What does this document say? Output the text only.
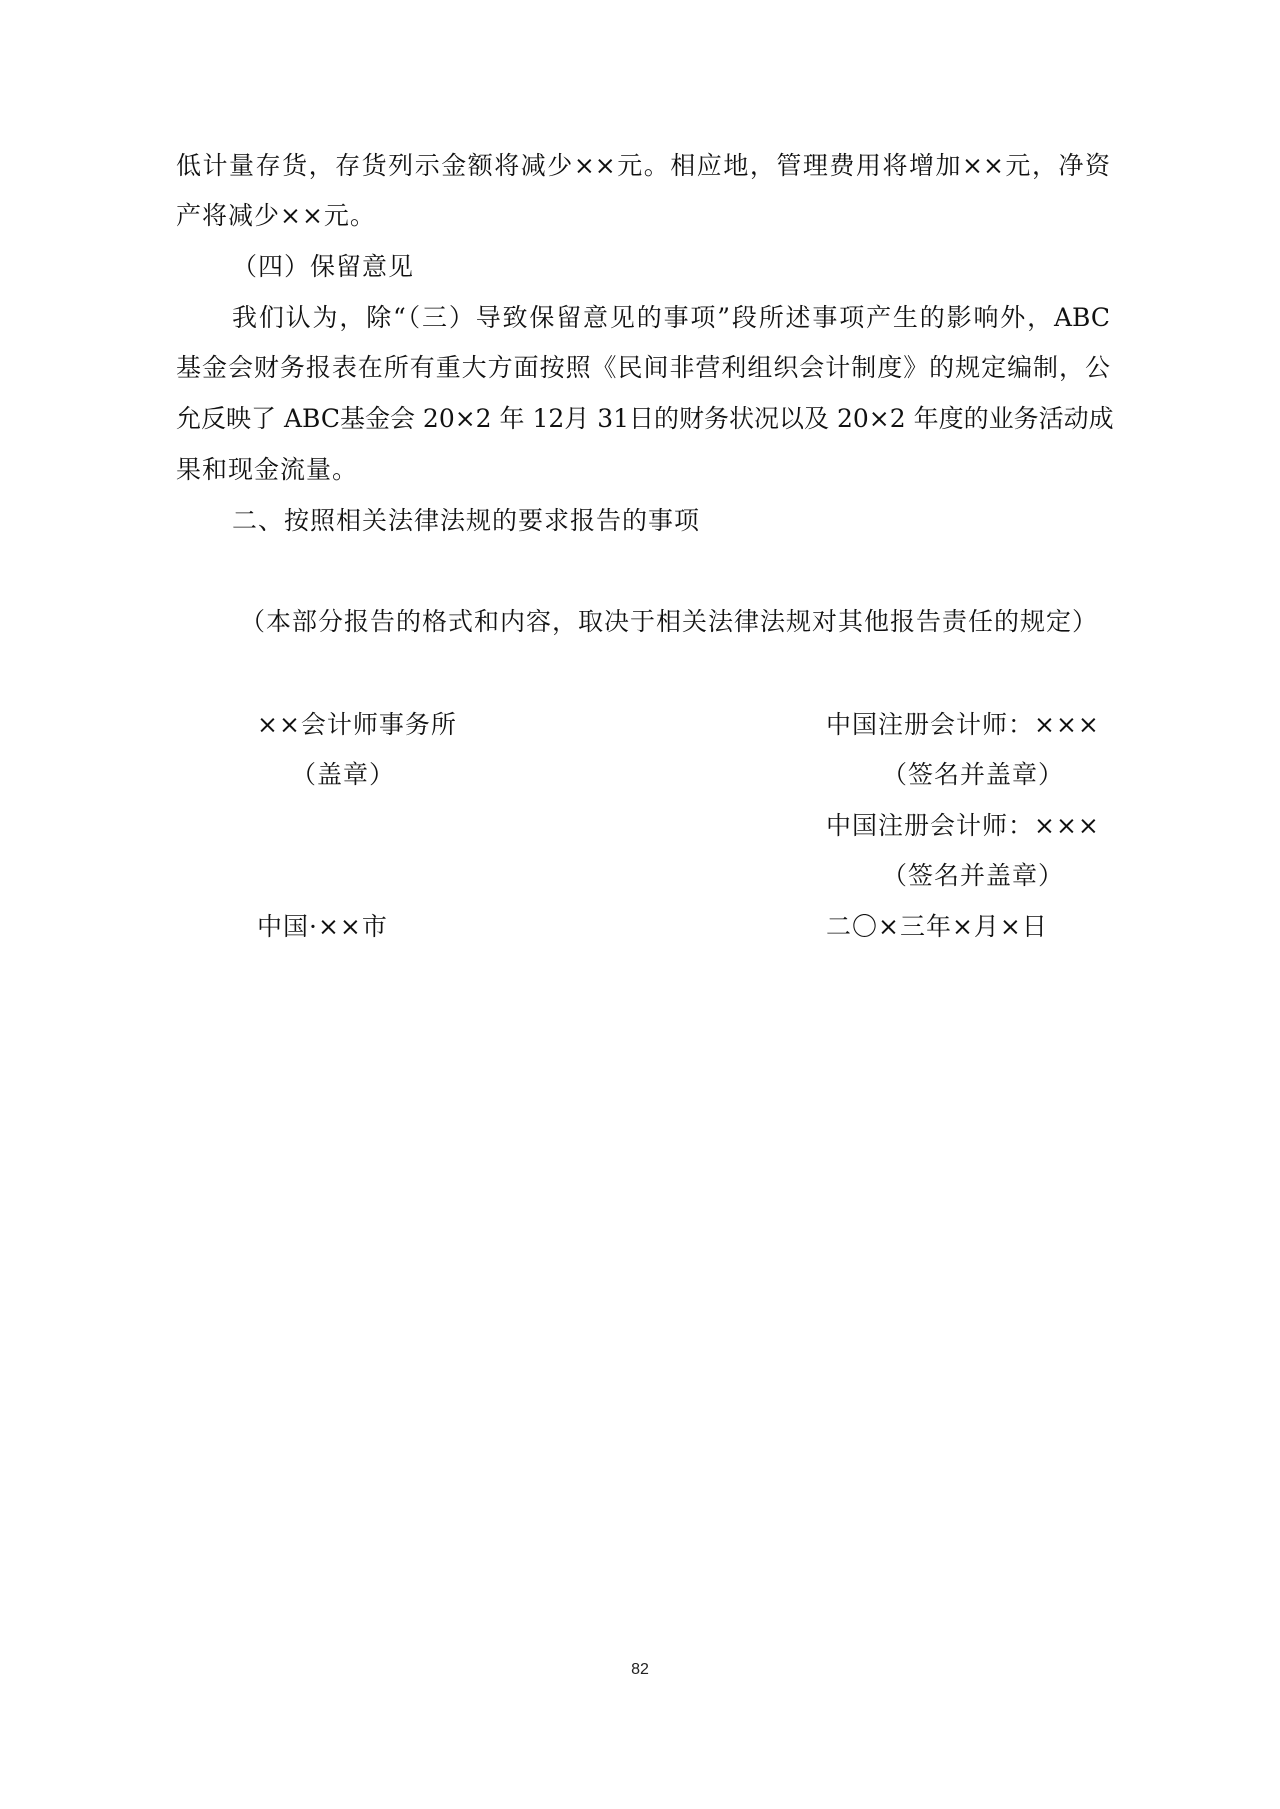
低计量存货，存货列示金额将减少××元。相应地，管理费用将增加××元，净资
产将减少××元。
（四）保留意见
我们认为，除“（三）导致保留意见的事项”段所述事项产生的影响外，ABC
基金会财务报表在所有重大方面按照《民间非营利组织会计制度》的规定编制，公
允反映了 ABC基金会 20×2 年 12月 31日的财务状况以及 20×2 年度的业务活动成
果和现金流量。
二、按照相关法律法规的要求报告的事项
（本部分报告的格式和内容，取决于相关法律法规对其他报告责任的规定）
××会计师事务所
（盖章）
中国注册会计师：×××
（签名并盖章）
中国注册会计师：×××
（签名并盖章）
中国·××市	二〇×三年×月×日
82
